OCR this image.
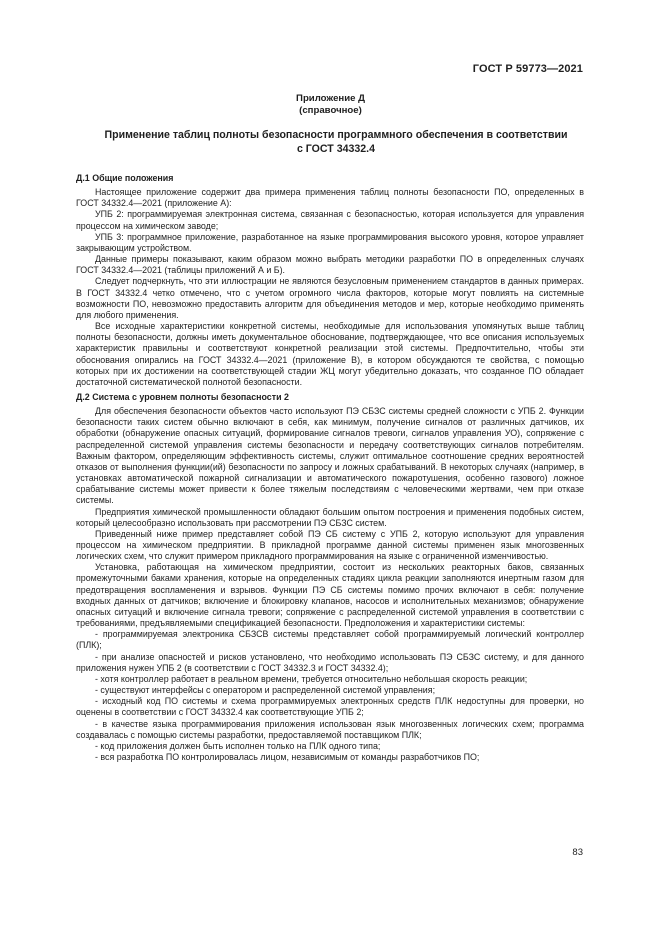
ГОСТ Р 59773—2021
Приложение Д
(справочное)
Применение таблиц полноты безопасности программного обеспечения в соответствии
с ГОСТ 34332.4
Д.1 Общие положения

Настоящее приложение содержит два примера применения таблиц полноты безопасности ПО, определенных в ГОСТ 34332.4—2021 (приложение А):

УПБ 2: программируемая электронная система, связанная с безопасностью, которая используется для управления процессом на химическом заводе;

УПБ 3: программное приложение, разработанное на языке программирования высокого уровня, которое управляет закрывающим устройством.

Данные примеры показывают, каким образом можно выбрать методики разработки ПО в определенных случаях ГОСТ 34332.4—2021 (таблицы приложений А и Б).

Следует подчеркнуть, что эти иллюстрации не являются безусловным применением стандартов в данных примерах. В ГОСТ 34332.4 четко отмечено, что с учетом огромного числа факторов, которые могут повлиять на системные возможности ПО, невозможно предоставить алгоритм для объединения методов и мер, которые необходимо применять для любого применения.

Все исходные характеристики конкретной системы, необходимые для использования упомянутых выше таблиц полноты безопасности, должны иметь документальное обоснование, подтверждающее, что все описания используемых характеристик правильны и соответствуют конкретной реализации этой системы. Предпочтительно, чтобы эти обоснования опирались на ГОСТ 34332.4—2021 (приложение В), в котором обсуждаются те свойства, с помощью которых при их достижении на соответствующей стадии ЖЦ могут убедительно доказать, что созданное ПО обладает достаточной систематической полнотой безопасности.

Д.2 Система с уровнем полноты безопасности 2

Для обеспечения безопасности объектов часто используют ПЭ СБЗС системы средней сложности с УПБ 2. Функции безопасности таких систем обычно включают в себя, как минимум, получение сигналов от различных датчиков, их обработки (обнаружение опасных ситуаций, формирование сигналов тревоги, сигналов управления УО), сопряжение с распределенной системой управления системы безопасности и передачу соответствующих сигналов потребителям. Важным фактором, определяющим эффективность системы, служит оптимальное соотношение средних вероятностей отказов от выполнения функции(ий) безопасности по запросу и ложных срабатываний. В некоторых случаях (например, в установках автоматической пожарной сигнализации и автоматического пожаротушения, особенно газового) ложное срабатывание системы может привести к более тяжелым последствиям с человеческими жертвами, чем при отказе системы.

Предприятия химической промышленности обладают большим опытом построения и применения подобных систем, который целесообразно использовать при рассмотрении ПЭ СБЗС систем.

Приведенный ниже пример представляет собой ПЭ СБ систему с УПБ 2, которую используют для управления процессом на химическом предприятии. В прикладной программе данной системы применен язык многозвенных логических схем, что служит примером прикладного программирования на языке с ограниченной изменчивостью.

Установка, работающая на химическом предприятии, состоит из нескольких реакторных баков, связанных промежуточными баками хранения, которые на определенных стадиях цикла реакции заполняются инертным газом для предотвращения воспламенения и взрывов. Функции ПЭ СБ системы помимо прочих включают в себя: получение входных данных от датчиков; включение и блокировку клапанов, насосов и исполнительных механизмов; обнаружение опасных ситуаций и включение сигнала тревоги; сопряжение с распределенной системой управления в соответствии с требованиями, предъявляемыми спецификацией безопасности. Предположения и характеристики системы:

- программируемая электроника СБЗСВ системы представляет собой программируемый логический контроллер (ПЛК);

- при анализе опасностей и рисков установлено, что необходимо использовать ПЭ СБЗС систему, и для данного приложения нужен УПБ 2 (в соответствии с ГОСТ 34332.3 и ГОСТ 34332.4);

- хотя контроллер работает в реальном времени, требуется относительно небольшая скорость реакции;

- существуют интерфейсы с оператором и распределенной системой управления;

- исходный код ПО системы и схема программируемых электронных средств ПЛК недоступны для проверки, но оценены в соответствии с ГОСТ 34332.4 как соответствующие УПБ 2;

- в качестве языка программирования приложения использован язык многозвенных логических схем; программа создавалась с помощью системы разработки, предоставляемой поставщиком ПЛК;

- код приложения должен быть исполнен только на ПЛК одного типа;

- вся разработка ПО контролировалась лицом, независимым от команды разработчиков ПО;

83
